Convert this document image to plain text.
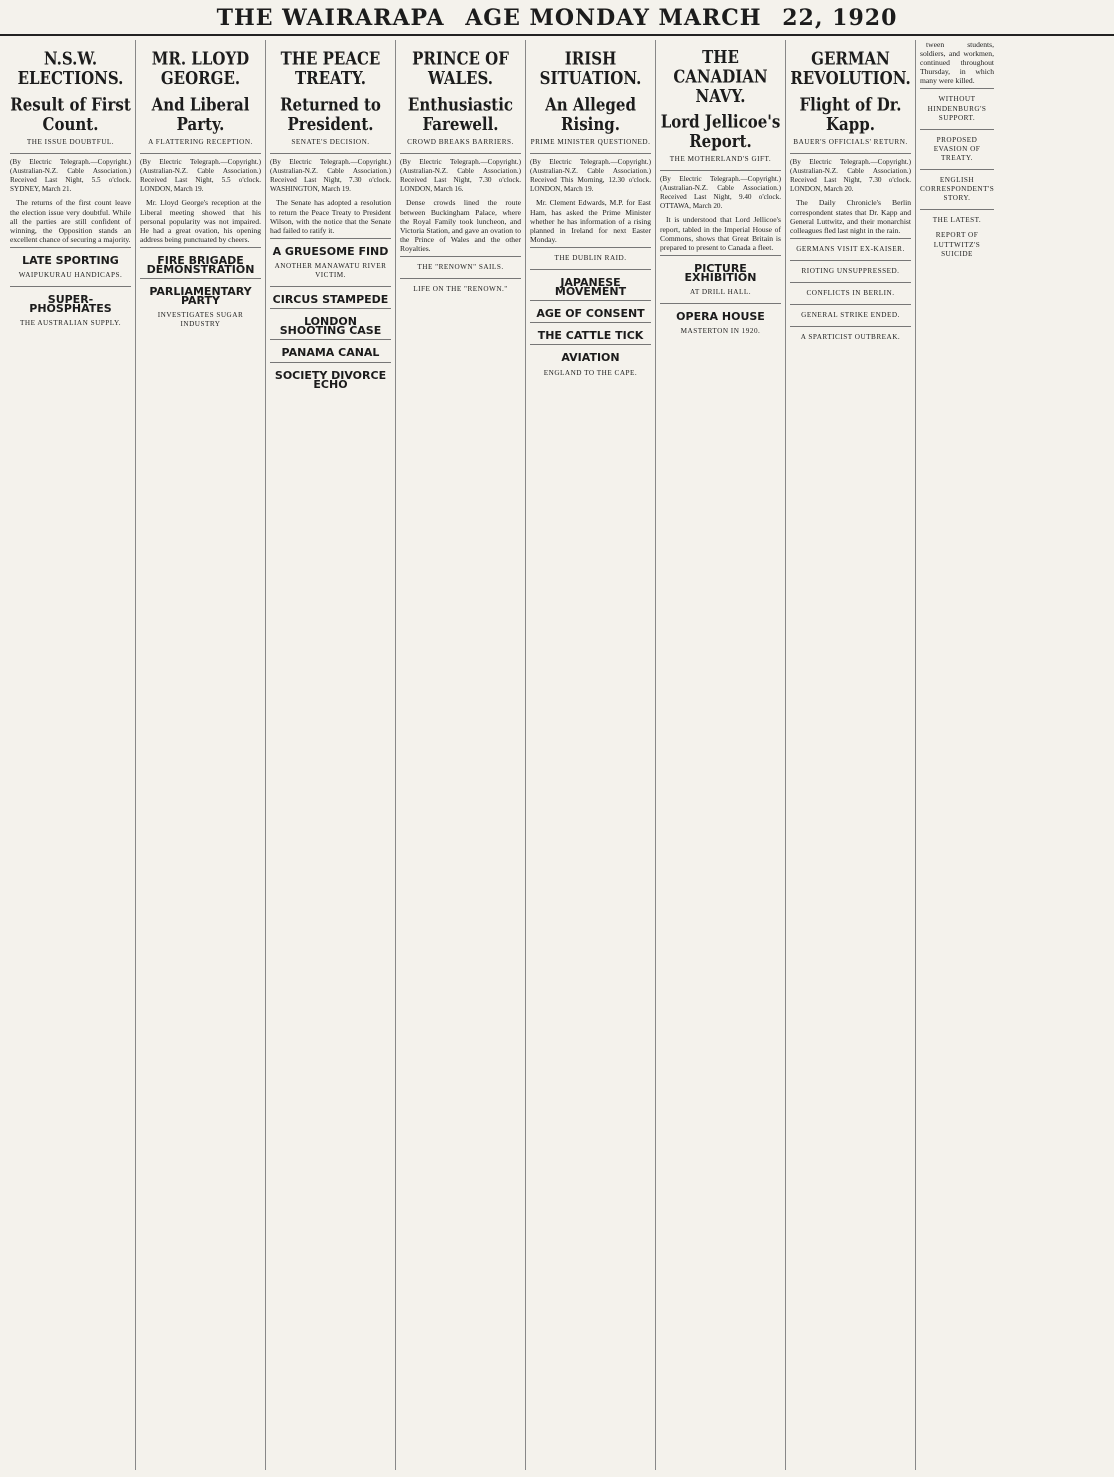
THE WAIRARAPA AGE MONDAY MARCH 22, 1920
N.S.W. ELECTIONS.
Result of First Count.
THE ISSUE DOUBTFUL.
(By Electric Telegraph.—Copyright.) (Australian-N.Z. Cable Association.) Received Last Night, 5.5 o'clock. SYDNEY, March 21.

The returns of the first count leave the election issue very doubtful. While all the parties are still confident of winning, the Opposition stands an excellent chance of securing a majority.

LATE SPORTING
WAIPUKURAU HANDICAPS.
SUPER-PHOSPHATES
THE AUSTRALIAN SUPPLY.
MR. LLOYD GEORGE.
And Liberal Party.
A FLATTERING RECEPTION.
(By Electric Telegraph.—Copyright.) (Australian-N.Z. Cable Association.) Received Last Night, 5.5 o'clock. LONDON, March 19.

Mr. Lloyd George's reception at the Liberal meeting showed that his personal popularity was not impaired. He had a great ovation, his opening address being punctuated by cheers.

FIRE BRIGADE DEMONSTRATION
PARLIAMENTARY PARTY
INVESTIGATES SUGAR INDUSTRY
THE PEACE TREATY.
Returned to President.
SENATE'S DECISION.
(By Electric Telegraph.—Copyright.) (Australian-N.Z. Cable Association.) Received Last Night, 7.30 o'clock. WASHINGTON, March 19.

The Senate has adopted a resolution to return the Peace Treaty to President Wilson, with the notice that the Senate had failed to ratify it.

A GRUESOME FIND
ANOTHER MANAWATU RIVER VICTIM.
CIRCUS STAMPEDE
LONDON SHOOTING CASE
PANAMA CANAL
SOCIETY DIVORCE ECHO
PRINCE OF WALES.
Enthusiastic Farewell.
CROWD BREAKS BARRIERS.
(By Electric Telegraph.—Copyright.) (Australian-N.Z. Cable Association.) Received Last Night, 7.30 o'clock. LONDON, March 16.

Dense crowds lined the route between Buckingham Palace, where the Royal Family took luncheon, and Victoria Station, and gave an ovation to the Prince of Wales and the other Royalties.

THE "RENOWN" SAILS.
LIFE ON THE "RENOWN."
IRISH SITUATION.
An Alleged Rising.
PRIME MINISTER QUESTIONED.
(By Electric Telegraph.—Copyright.) (Australian-N.Z. Cable Association.) Received This Morning, 12.30 o'clock. LONDON, March 19.

Mr. Clement Edwards, M.P. for East Ham, has asked the Prime Minister whether he has information of a rising planned in Ireland for next Easter Monday.

THE DUBLIN RAID.
JAPANESE MOVEMENT
AGE OF CONSENT
THE CATTLE TICK
AVIATION
ENGLAND TO THE CAPE.
THE CANADIAN NAVY.
Lord Jellicoe's Report.
THE MOTHERLAND'S GIFT.
(By Electric Telegraph.—Copyright.) (Australian-N.Z. Cable Association.) Received Last Night, 9.40 o'clock. OTTAWA, March 20.

It is understood that Lord Jellicoe's report, tabled in the Imperial House of Commons, shows that Great Britain is prepared to present to Canada a fleet.

PICTURE EXHIBITION
AT DRILL HALL.
OPERA HOUSE
MASTERTON IN 1920.
GERMAN REVOLUTION.
Flight of Dr. Kapp.
BAUER'S OFFICIALS' RETURN.
(By Electric Telegraph.—Copyright.) (Australian-N.Z. Cable Association.) Received Last Night, 7.30 o'clock. LONDON, March 20.

The Daily Chronicle's Berlin correspondent states that Dr. Kapp and General Luttwitz, and their monarchist colleagues fled last night in the rain.

GERMANS VISIT EX-KAISER.
RIOTING UNSUPPRESSED.
CONFLICTS IN BERLIN.
GENERAL STRIKE ENDED.
A SPARTICIST OUTBREAK.

tween students, soldiers, and workmen, continued throughout Thursday, in which many were killed.

WITHOUT HINDENBURG'S SUPPORT.
PROPOSED EVASION OF TREATY.
ENGLISH CORRESPONDENT'S STORY.
THE LATEST.
REPORT OF LUTTWITZ'S SUICIDE
